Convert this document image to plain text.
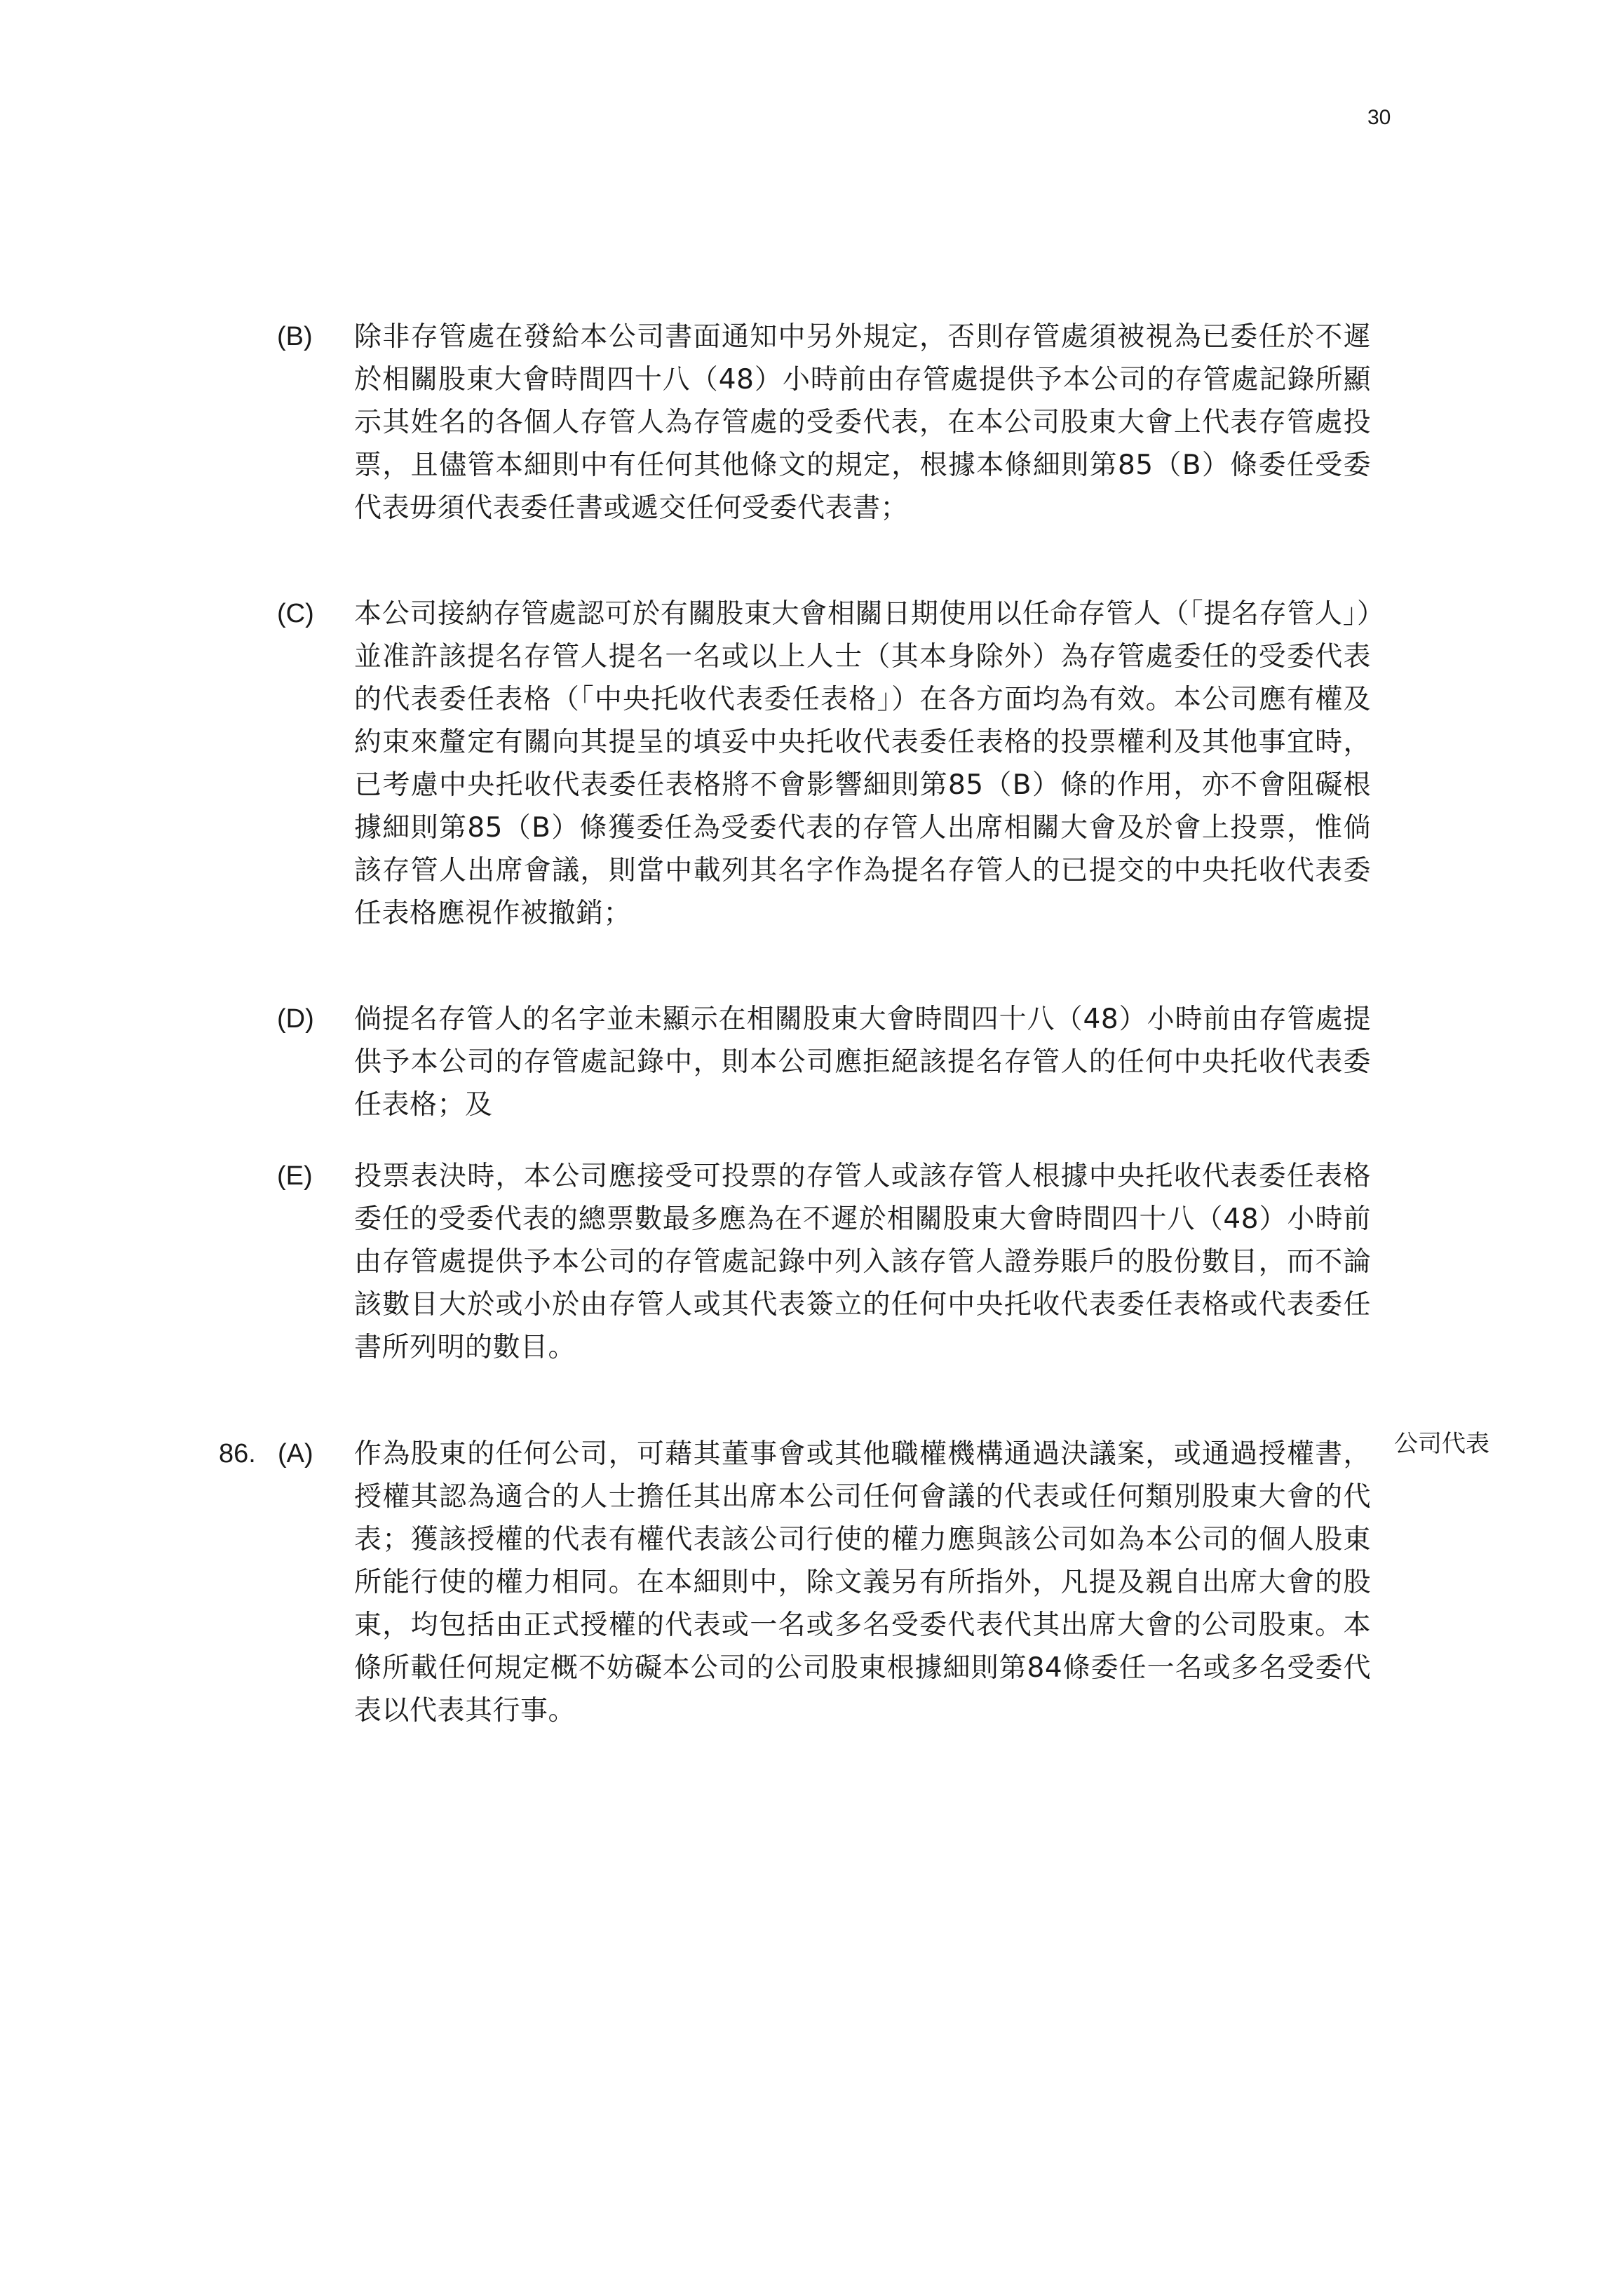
30
(B) 除非存管處在發給本公司書面通知中另外規定，否則存管處須被視為已委任於不遲於相關股東大會時間四十八（48）小時前由存管處提供予本公司的存管處記錄所顯示其姓名的各個人存管人為存管處的受委代表，在本公司股東大會上代表存管處投票，且儘管本細則中有任何其他條文的規定，根據本條細則第85（B）條委任受委代表毋須代表委任書或遞交任何受委代表書；

(C) 本公司接納存管處認可於有關股東大會相關日期使用以任命存管人（「提名存管人」）並准許該提名存管人提名一名或以上人士（其本身除外）為存管處委任的受委代表的代表委任表格（「中央托收代表委任表格」）在各方面均為有效。本公司應有權及約束來釐定有關向其提呈的填妥中央托收代表委任表格的投票權利及其他事宜時，已考慮中央托收代表委任表格將不會影響細則第85（B）條的作用，亦不會阻礙根據細則第85（B）條獲委任為受委代表的存管人出席相關大會及於會上投票，惟倘該存管人出席會議，則當中載列其名字作為提名存管人的已提交的中央托收代表委任表格應視作被撤銷；

(D) 倘提名存管人的名字並未顯示在相關股東大會時間四十八（48）小時前由存管處提供予本公司的存管處記錄中，則本公司應拒絕該提名存管人的任何中央托收代表委任表格；及

(E) 投票表決時，本公司應接受可投票的存管人或該存管人根據中央托收代表委任表格委任的受委代表的總票數最多應為在不遲於相關股東大會時間四十八（48）小時前由存管處提供予本公司的存管處記錄中列入該存管人證券賬戶的股份數目，而不論該數目大於或小於由存管人或其代表簽立的任何中央托收代表委任表格或代表委任書所列明的數目。

86. (A) 作為股東的任何公司，可藉其董事會或其他職權機構通過決議案，或通過授權書，授權其認為適合的人士擔任其出席本公司任何會議的代表或任何類別股東大會的代表；獲該授權的代表有權代表該公司行使的權力應與該公司如為本公司的個人股東所能行使的權力相同。在本細則中，除文義另有所指外，凡提及親自出席大會的股東，均包括由正式授權的代表或一名或多名受委代表代其出席大會的公司股東。本條所載任何規定概不妨礙本公司的公司股東根據細則第84條委任一名或多名受委代表以代表其行事。

公司代表
